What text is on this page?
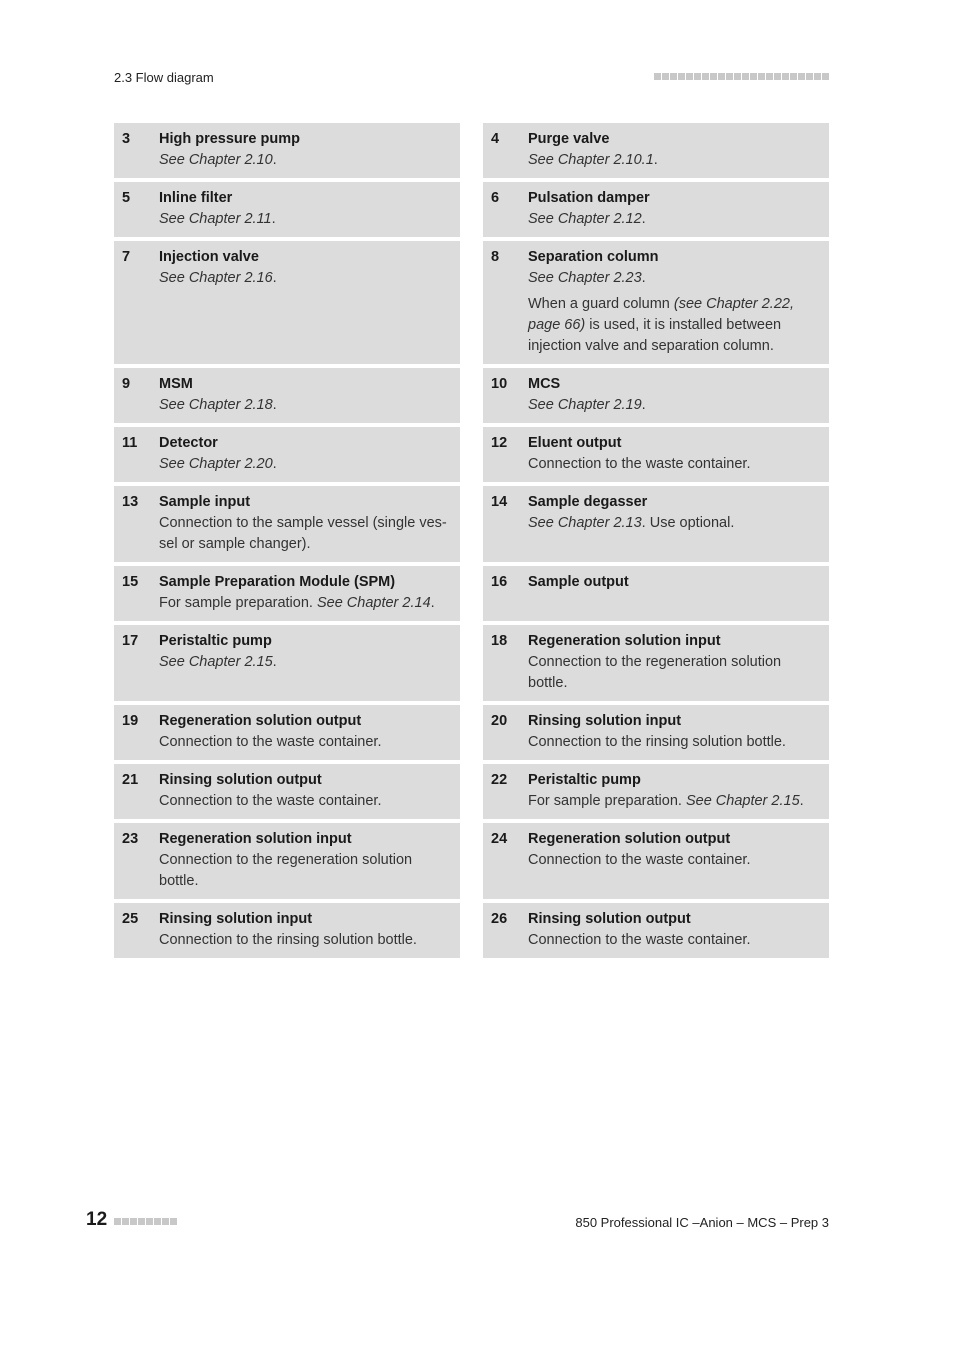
2.3 Flow diagram
3	High pressure pump
See Chapter 2.10.
4	Purge valve
See Chapter 2.10.1.
5	Inline filter
See Chapter 2.11.
6	Pulsation damper
See Chapter 2.12.
7	Injection valve
See Chapter 2.16.
8	Separation column
See Chapter 2.23.
When a guard column (see Chapter 2.22, page 66) is used, it is installed between injection valve and separation column.
9	MSM
See Chapter 2.18.
10	MCS
See Chapter 2.19.
11	Detector
See Chapter 2.20.
12	Eluent output
Connection to the waste container.
13	Sample input
Connection to the sample vessel (single ves-sel or sample changer).
14	Sample degasser
See Chapter 2.13. Use optional.
15	Sample Preparation Module (SPM)
For sample preparation. See Chapter 2.14.
16	Sample output
17	Peristaltic pump
See Chapter 2.15.
18	Regeneration solution input
Connection to the regeneration solution bottle.
19	Regeneration solution output
Connection to the waste container.
20	Rinsing solution input
Connection to the rinsing solution bottle.
21	Rinsing solution output
Connection to the waste container.
22	Peristaltic pump
For sample preparation. See Chapter 2.15.
23	Regeneration solution input
Connection to the regeneration solution bottle.
24	Regeneration solution output
Connection to the waste container.
25	Rinsing solution input
Connection to the rinsing solution bottle.
26	Rinsing solution output
Connection to the waste container.
12	850 Professional IC –Anion – MCS – Prep 3
